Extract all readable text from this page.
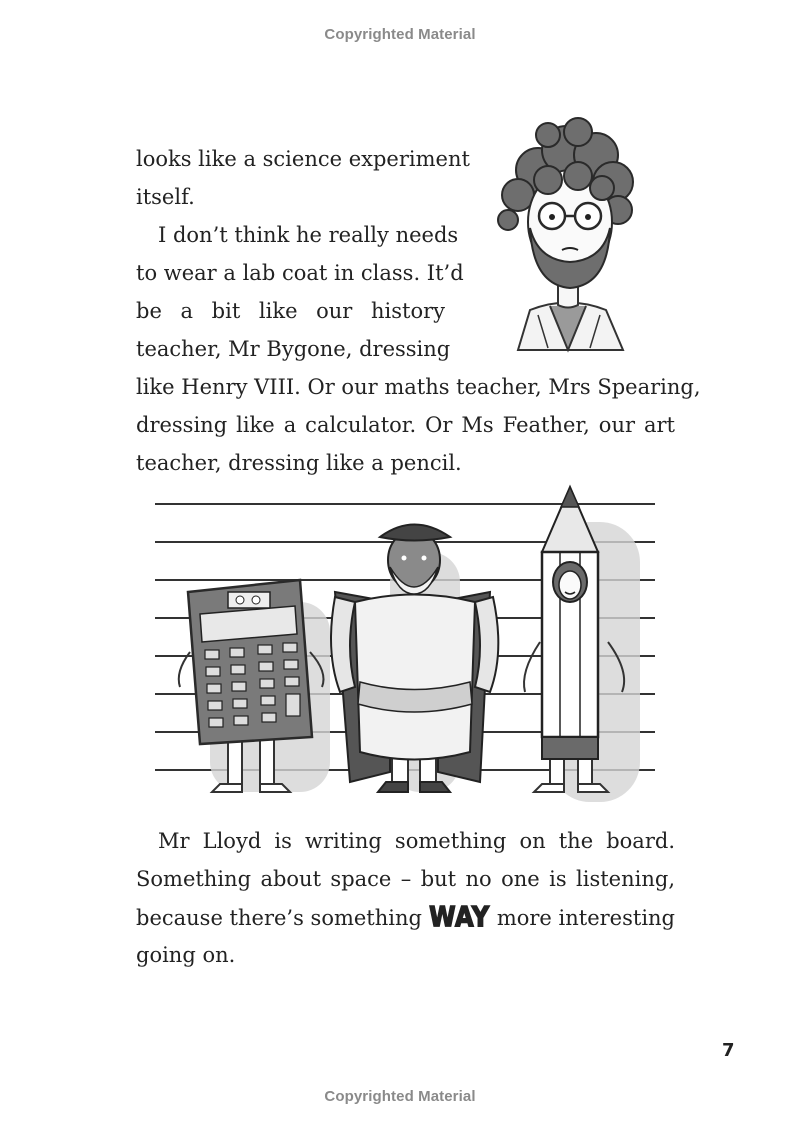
Copyrighted Material
looks like a science experiment
itself.
I don’t think he really needs
to wear a lab coat in class. It’d
be a bit like our history
teacher, Mr Bygone, dressing
like Henry VIII. Or our maths teacher, Mrs Spearing,
dressing like a calculator. Or Ms Feather, our art
teacher, dressing like a pencil.
Mr Lloyd is writing something on the board.
Something about space – but no one is listening,
because there’s something WAY more interesting
going on.
7
Copyrighted Material
